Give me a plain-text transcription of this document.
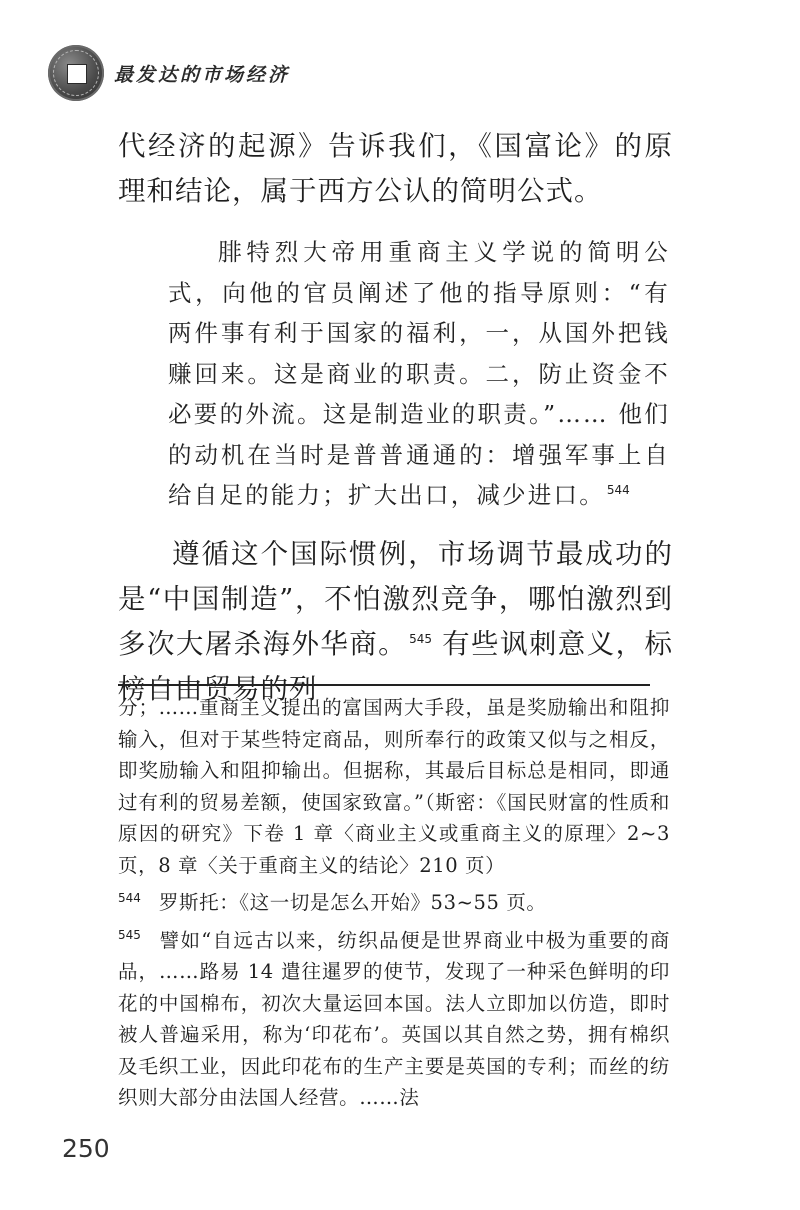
最发达的市场经济

代经济的起源》告诉我们，《国富论》的原理和结论，属于西方公认的简明公式。

腓特烈大帝用重商主义学说的简明公式，向他的官员阐述了他的指导原则：“有两件事有利于国家的福利，一，从国外把钱赚回来。这是商业的职责。二，防止资金不必要的外流。这是制造业的职责。”…… 他们的动机在当时是普普通通的：增强军事上自给自足的能力；扩大出口，减少进口。 $^{544}$

遵循这个国际惯例，市场调节最成功的是“中国制造”，不怕激烈竞争，哪怕激烈到多次大屠杀海外华商。 $^{545}$ 有些讽刺意义，标榜自由贸易的列

分；……重商主义提出的富国两大手段，虽是奖励输出和阻抑输入，但对于某些特定商品，则所奉行的政策又似与之相反，即奖励输入和阻抑输出。但据称，其最后目标总是相同，即通过有利的贸易差额，使国家致富。”（斯密：《国民财富的性质和原因的研究》下卷 1 章〈商业主义或重商主义的原理〉2~3 页，8 章〈关于重商主义的结论〉210 页）

$^{544}$ 罗斯托：《这一切是怎么开始》53~55 页。

$^{545}$ 譬如“自远古以来，纺织品便是世界商业中极为重要的商品，……路易 14 遣往暹罗的使节，发现了一种采色鲜明的印花的中国棉布，初次大量运回本国。法人立即加以仿造，即时被人普遍采用，称为‘印花布’。英国以其自然之势，拥有棉织及毛织工业，因此印花布的生产主要是英国的专利；而丝的纺织则大部分由法国人经营。……法

250
